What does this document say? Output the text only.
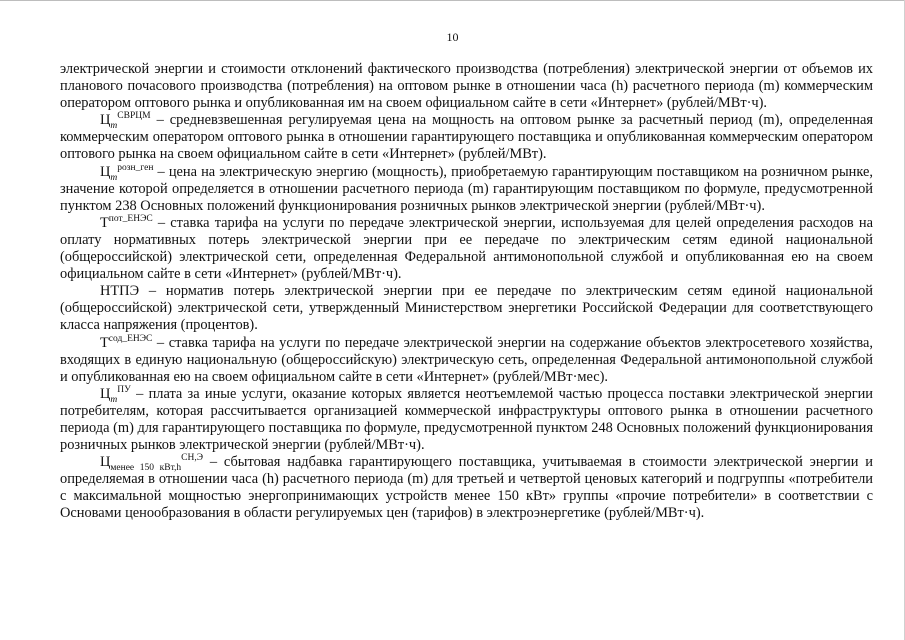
10

электрической энергии и стоимости отклонений фактического производства (потребления) электрической энергии от объемов их планового почасового производства (потребления) на оптовом рынке в отношении часа (h) расчетного периода (m) коммерческим оператором оптового рынка и опубликованная им на своем официальном сайте в сети «Интернет» (рублей/МВт·ч).

$Ц_m^{СВРЦМ}$ – средневзвешенная регулируемая цена на мощность на оптовом рынке за расчетный период (m), определенная коммерческим оператором оптового рынка в отношении гарантирующего поставщика и опубликованная коммерческим оператором оптового рынка на своем официальном сайте в сети «Интернет» (рублей/МВт).

$Ц_m^{розн\_ген}$ – цена на электрическую энергию (мощность), приобретаемую гарантирующим поставщиком на розничном рынке, значение которой определяется в отношении расчетного периода (m) гарантирующим поставщиком по формуле, предусмотренной пунктом 238 Основных положений функционирования розничных рынков электрической энергии (рублей/МВт·ч).

$Т^{пот\_ЕНЭС}$ – ставка тарифа на услуги по передаче электрической энергии, используемая для целей определения расходов на оплату нормативных потерь электрической энергии при ее передаче по электрическим сетям единой национальной (общероссийской) электрической сети, определенная Федеральной антимонопольной службой и опубликованная ею на своем официальном сайте в сети «Интернет» (рублей/МВт·ч).

НТПЭ – норматив потерь электрической энергии при ее передаче по электрическим сетям единой национальной (общероссийской) электрической сети, утвержденный Министерством энергетики Российской Федерации для соответствующего класса напряжения (процентов).

$Т^{сод\_ЕНЭС}$ – ставка тарифа на услуги по передаче электрической энергии на содержание объектов электросетевого хозяйства, входящих в единую национальную (общероссийскую) электрическую сеть, определенная Федеральной антимонопольной службой и опубликованная ею на своем официальном сайте в сети «Интернет» (рублей/МВт·мес).

$Ц_m^{ПУ}$ – плата за иные услуги, оказание которых является неотъемлемой частью процесса поставки электрической энергии потребителям, которая рассчитывается организацией коммерческой инфраструктуры оптового рынка в отношении расчетного периода (m) для гарантирующего поставщика по формуле, предусмотренной пунктом 248 Основных положений функционирования розничных рынков электрической энергии (рублей/МВт·ч).

$Ц_{менее 150 кВт,h}^{СН,Э}$ – сбытовая надбавка гарантирующего поставщика, учитываемая в стоимости электрической энергии и определяемая в отношении часа (h) расчетного периода (m) для третьей и четвертой ценовых категорий и подгруппы «потребители с максимальной мощностью энергопринимающих устройств менее 150 кВт» группы «прочие потребители» в соответствии с Основами ценообразования в области регулируемых цен (тарифов) в электроэнергетике (рублей/МВт·ч).
